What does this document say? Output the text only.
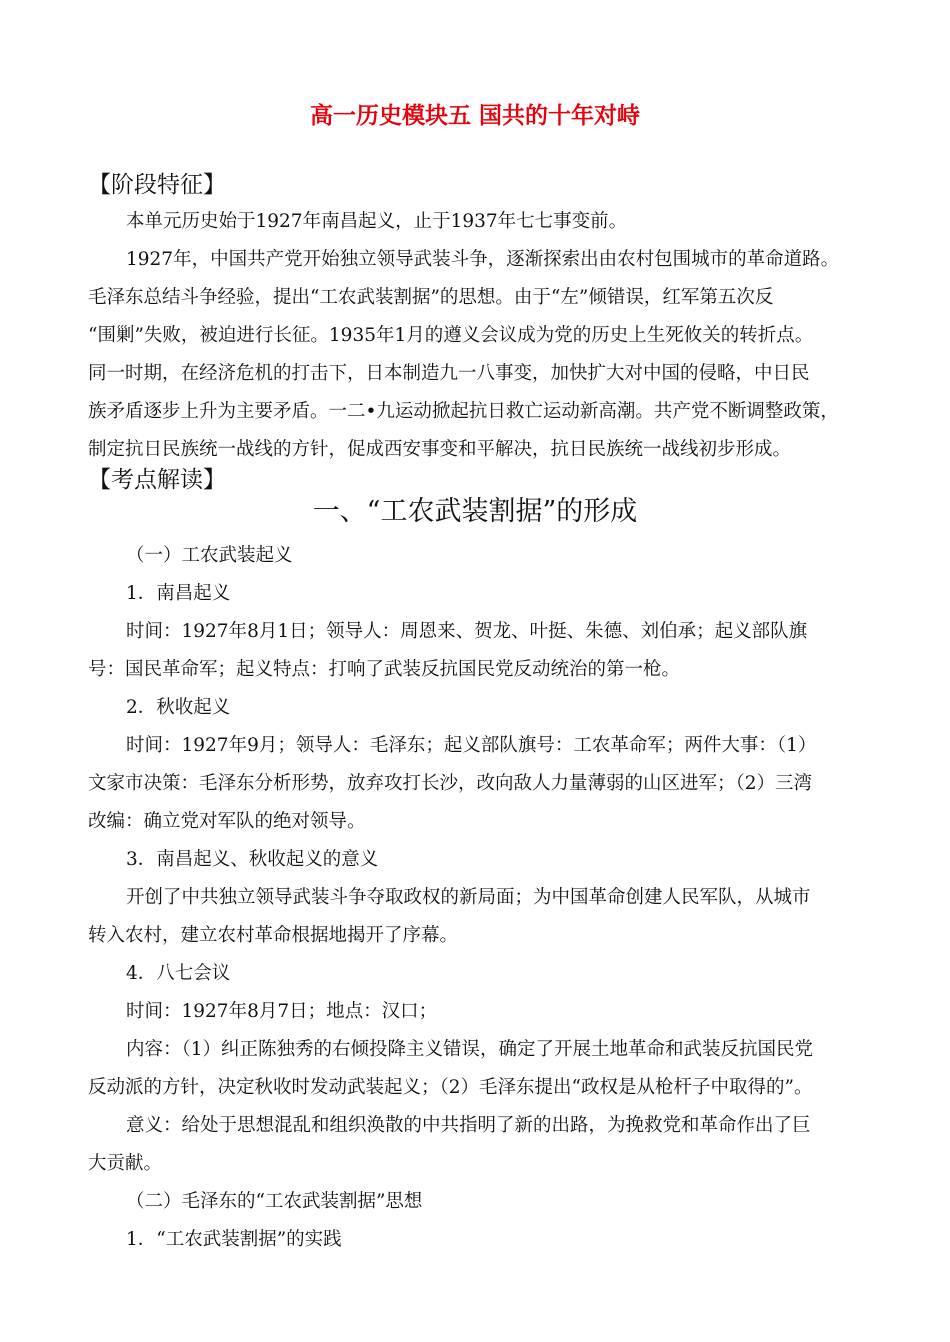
高一历史模块五 国共的十年对峙
【阶段特征】
本单元历史始于1927年南昌起义，止于1937年七七事变前。
1927年，中国共产党开始独立领导武装斗争，逐渐探索出由农村包围城市的革命道路。
毛泽东总结斗争经验，提出“工农武装割据”的思想。由于“左”倾错误，红军第五次反
“围剿”失败，被迫进行长征。1935年1月的遵义会议成为党的历史上生死攸关的转折点。
同一时期，在经济危机的打击下，日本制造九一八事变，加快扩大对中国的侵略，中日民
族矛盾逐步上升为主要矛盾。一二•九运动掀起抗日救亡运动新高潮。共产党不断调整政策，
制定抗日民族统一战线的方针，促成西安事变和平解决，抗日民族统一战线初步形成。
【考点解读】
一、“工农武装割据”的形成
（一）工农武装起义
1．南昌起义
时间：1927年8月1日；领导人：周恩来、贺龙、叶挺、朱德、刘伯承；起义部队旗
号：国民革命军；起义特点：打响了武装反抗国民党反动统治的第一枪。
2．秋收起义
时间：1927年9月；领导人：毛泽东；起义部队旗号：工农革命军；两件大事：（1）
文家市决策：毛泽东分析形势，放弃攻打长沙，改向敌人力量薄弱的山区进军；（2）三湾
改编：确立党对军队的绝对领导。
3．南昌起义、秋收起义的意义
开创了中共独立领导武装斗争夺取政权的新局面；为中国革命创建人民军队，从城市
转入农村，建立农村革命根据地揭开了序幕。
4．八七会议
时间：1927年8月7日；地点：汉口；
内容：（1）纠正陈独秀的右倾投降主义错误，确定了开展土地革命和武装反抗国民党
反动派的方针，决定秋收时发动武装起义；（2）毛泽东提出“政权是从枪杆子中取得的”。
意义：给处于思想混乱和组织涣散的中共指明了新的出路，为挽救党和革命作出了巨
大贡献。
（二）毛泽东的“工农武装割据”思想
1．“工农武装割据”的实践
